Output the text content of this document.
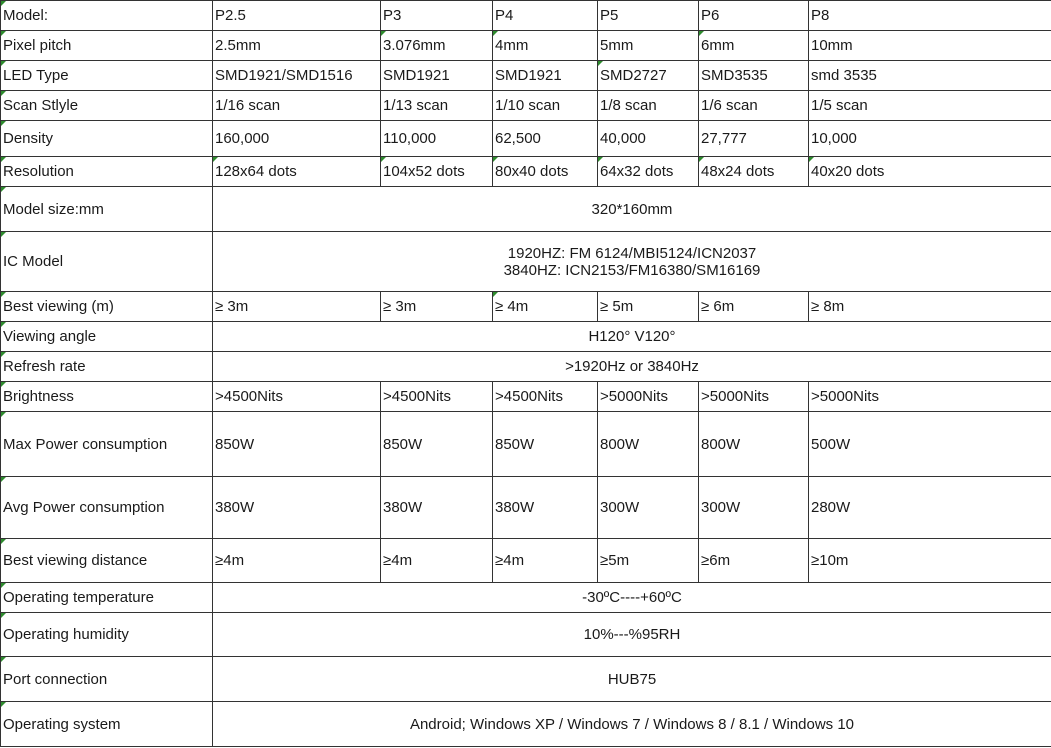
Model:	P2.5	P3	P4	P5	P6	P8	
Pixel pitch	2.5mm	3.076mm	4mm	5mm	6mm	10mm	
LED Type	SMD1921/SMD1516	SMD1921	SMD1921	SMD2727	SMD3535	smd 3535	
Scan Stlyle	1/16 scan	1/13 scan	1/10 scan	1/8 scan	1/6 scan	1/5 scan	
Density	160,000	110,000	62,500	40,000	27,777	10,000	
Resolution	128x64 dots	104x52 dots	80x40 dots	64x32 dots	48x24 dots	40x20 dots	
Model size:mm	320*160mm						
IC Model	1920HZ: FM 6124/MBI5124/ICN2037
3840HZ: ICN2153/FM16380/SM16169						

Best viewing (m)	≥ 3m	≥ 3m	≥ 4m	≥ 5m	≥ 6m	≥ 8m	
Viewing angle	H120° V120°						
Refresh rate	>1920Hz or 3840Hz						
Brightness	>4500Nits	>4500Nits	>4500Nits	>5000Nits	>5000Nits	>5000Nits	
Max Power consumption	850W	850W	850W	800W	800W	500W	
Avg Power consumption	380W	380W	380W	300W	300W	280W	
Best viewing distance	≥4m	≥4m	≥4m	≥5m	≥6m	≥10m	
Operating temperature	-30ºC----+60ºC						
Operating humidity	10%---%95RH						
Port connection	HUB75						
Operating system	Android; Windows XP / Windows 7 / Windows 8 / 8.1 / Windows 10						
